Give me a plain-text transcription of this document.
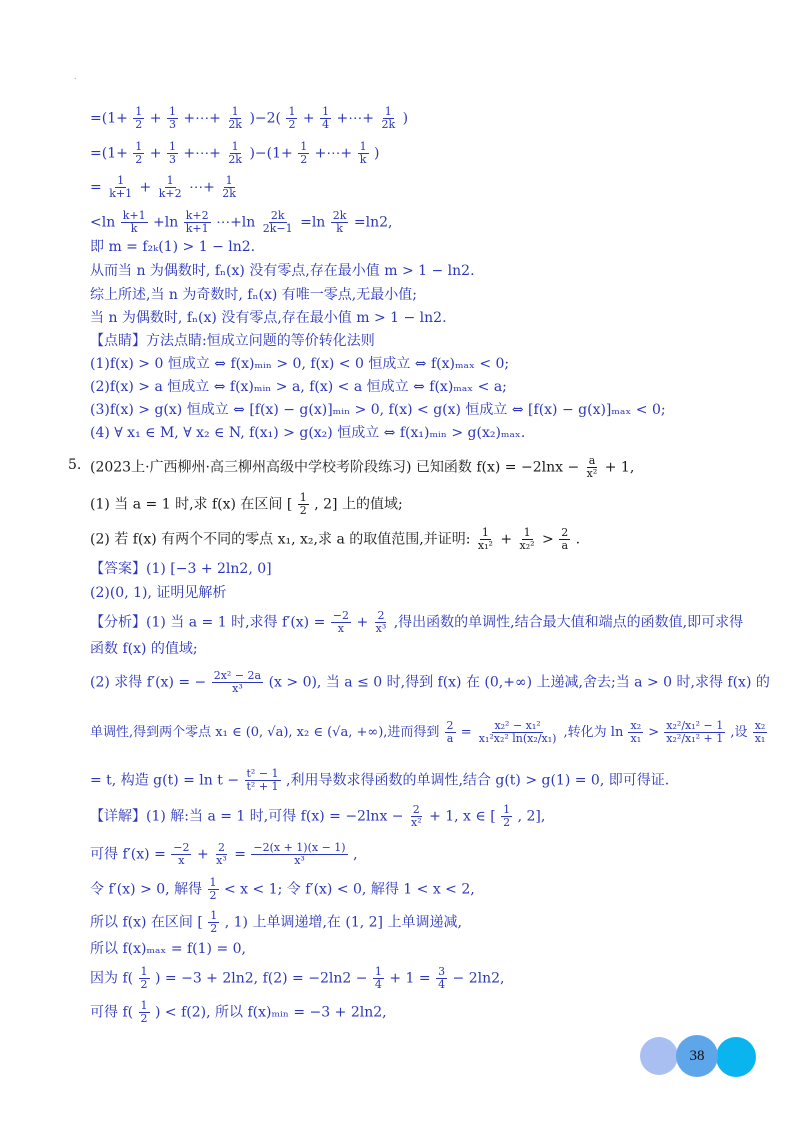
.
$=(1+ \frac{1}{2} + \frac{1}{3}$ +⋯+ $\frac{1}{2k} )-2( \frac{1}{2} + \frac{1}{4}$ +⋯+ $\frac{1}{2k}$ )
$=(1+ \frac{1}{2} + \frac{1}{3}$ +⋯+ $\frac{1}{2k} )-(1+ \frac{1}{2}$ +⋯+ $\frac{1}{k}$ )
= $\frac{1}{k+1} + \frac{1}{k+2}$ ⋯+ $\frac{1}{2k}$
$<\ln \frac{k+1}{k} +\ln \frac{k+2}{k+1}$ ⋯+ln $\frac{2k}{2k-1} =\ln \frac{2k}{k} =\ln 2$,
即 m = f₂ₖ(1) > 1 − ln2.
从而当 n 为偶数时, fₙ(x) 没有零点,存在最小值 m > 1 − ln2.
综上所述,当 n 为奇数时, fₙ(x) 有唯一零点,无最小值;
当 n 为偶数时, fₙ(x) 没有零点,存在最小值 m > 1 − ln2.
【点睛】方法点睛:恒成立问题的等价转化法则
(1)f(x) > 0 恒成立 ⇔ f(x)ₘᵢₙ > 0, f(x) < 0 恒成立 ⇔ f(x)ₘₐₓ < 0;
(2)f(x) > a 恒成立 ⇔ f(x)ₘᵢₙ > a, f(x) < a 恒成立 ⇔ f(x)ₘₐₓ < a;
(3)f(x) > g(x) 恒成立 ⇔ [f(x) − g(x)]ₘᵢₙ > 0, f(x) < g(x) 恒成立 ⇔ [f(x) − g(x)]ₘₐₓ < 0;
(4) ∀ x₁ ∈ M, ∀ x₂ ∈ N, f(x₁) > g(x₂) 恒成立 ⇔ f(x₁)ₘᵢₙ > g(x₂)ₘₐₓ.
5. (2023上·广西柳州·高三柳州高级中学校考阶段练习) 已知函数 $f(x) = -2\ln x - \frac{a}{\text{x²}} + 1$,
(1) 当 a = 1 时,求 f(x) 在区间 [ $\frac{1}{2}$ , 2] 上的值域;
(2) 若 f(x) 有两个不同的零点 x₁, x₂,求 a 的取值范围,并证明: $\frac{1}{\text{x₁²}} + \frac{1}{\text{x₂²}} > \frac{2}{a}$ .
【答案】(1) [−3 + 2ln2, 0]
(2)(0, 1), 证明见解析
【分析】(1) 当 a = 1 时,求得 $f'(x) = \frac{-2}{x} + \frac{2}{\text{x³}}$ ,得出函数的单调性,结合最大值和端点的函数值,即可求得
函数 f(x) 的值域;
(2) 求得 f′(x) = − $\frac{\text{2x² − 2a}}{\text{x³}} (x > 0)$, 当 a ≤ 0 时,得到 f(x) 在 (0,+∞) 上递减,舍去;当 a > 0 时,求得 f(x) 的
单调性,得到两个零点 x₁ ∈ (0, √a), x₂ ∈ (√a, +∞),进而得到 $\frac{2}{a} = \frac{\text{x₂² − x₁²}}{\text{x₁²x₂² ln(x₂/x₁)}}$ ,转化为 $\ln \frac{\text{x₂}}{\text{x₁}} > \frac{\text{x₂²/x₁² − 1}}{\text{x₂²/x₁² + 1}}$ ,设 $\frac{\text{x₂}}{\text{x₁}}$
= t, 构造 $g(t) = \ln t - \frac{\text{t² − 1}}{\text{t² + 1}}$ ,利用导数求得函数的单调性,结合 g(t) > g(1) = 0, 即可得证.
【详解】(1) 解:当 a = 1 时,可得 $f(x) = -2\ln x - \frac{2}{\text{x²}} + 1$, x ∈ [ $\frac{1}{2}$ , 2],
可得 $f'(x) = \frac{-2}{x} + \frac{2}{\text{x³}} = \frac{-2(x + 1)(x - 1)}{\text{x³}}$ ,
令 f′(x) > 0, 解得 $\frac{1}{2} < x < 1$; 令 f′(x) < 0, 解得 1 < x < 2,
所以 f(x) 在区间 [ $\frac{1}{2}$ , 1) 上单调递增,在 (1, 2] 上单调递减,
所以 f(x)ₘₐₓ = f(1) = 0,
因为 $f( \frac{1}{2}$ ) = −3 + 2ln2, $f(2) = -2\ln 2 - \frac{1}{4} + 1 = \frac{3}{4} - 2\ln 2$,
可得 $f( \frac{1}{2}$ ) < f(2), 所以 f(x)ₘᵢₙ = −3 + 2ln2,
38
